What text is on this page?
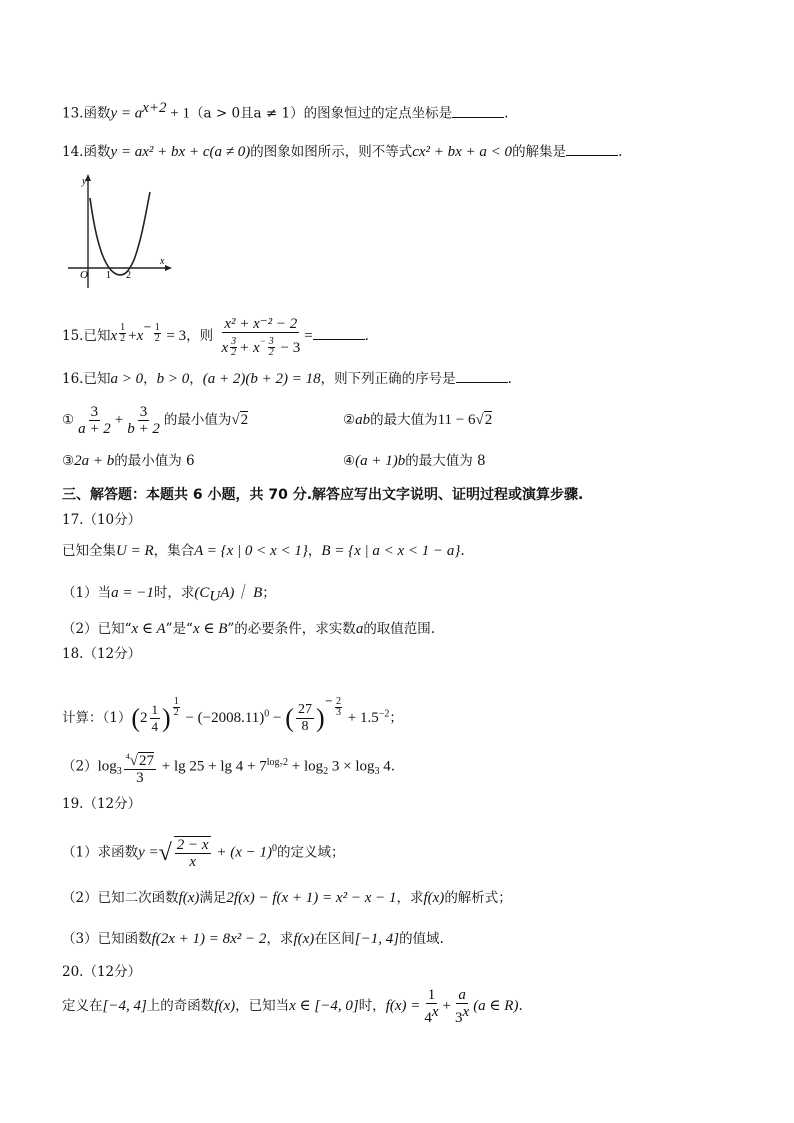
13.函数$y = a^{x+2} + 1(a > 0$且a ≠ 1）的图象恒过的定点坐标是	.
14.函数y = ax² + bx + c(a ≠ 0)的图象如图所示，则不等式cx² + bx + a < 0的解集是	.
y
x
O 1 2
15.已知x $\frac{1}{2} +x^- \frac{1}{2} = 3$，则 $\frac{\text{x² + x⁻² − 2}}{x \frac{3}{2} + x^- \frac{3}{2} - 3}$ =	.
16.已知a > 0，b > 0，(a + 2)(b + 2) = 18，则下列正确的序号是	.
① $\frac{3}{a + 2} + \frac{3}{b + 2}$ 的最小值为√2	②ab的最大值为11 − 6√2
③2a + b的最小值为 6	④(a + 1)b的最大值为 8
三、解答题：本题共 6 小题，共 70 分.解答应写出文字说明、证明过程或演算步骤.
17.（10分）
已知全集U = R，集合A = {x | 0 < x < 1}，B = {x | a < x < 1 − a}.
（1）当a = −1时，求$(C_UA)|$ B；
（2）已知“x ∈ A”是“x ∈ B”的必要条件，求实数a的取值范围.
18.（12分）
计算：$(1)(2 \frac{1}{4}$ ) $\frac{1}{2} - (-2008.11)^0$ − ( $\frac{27}{8} )^- \frac{2}{3} + 1.5^{-2}$；
$(2)\log_3 \frac{^4√27}{3} + \lg 25 + \lg 4 + 7^{log_72} + \log_2 3 \times \log_3 4$.
19.（12分）
（1）求函数y =√ $\frac{2 - x}{x} + (x - 1)^0$的定义域；
（2）已知二次函数f(x)满足2f(x) − f(x + 1) = x² − x − 1，求f(x)的解析式；
（3）已知函数f(2x + 1) = 8x² − 2，求f(x)在区间[−1, 4]的值域.
20.（12分）
定义在[−4, 4]上的奇函数f(x)，已知当x ∈ [−4, 0]时，$f(x) = \frac{1}{4^x} + \frac{a}{3^x} (a$ ∈ R).
